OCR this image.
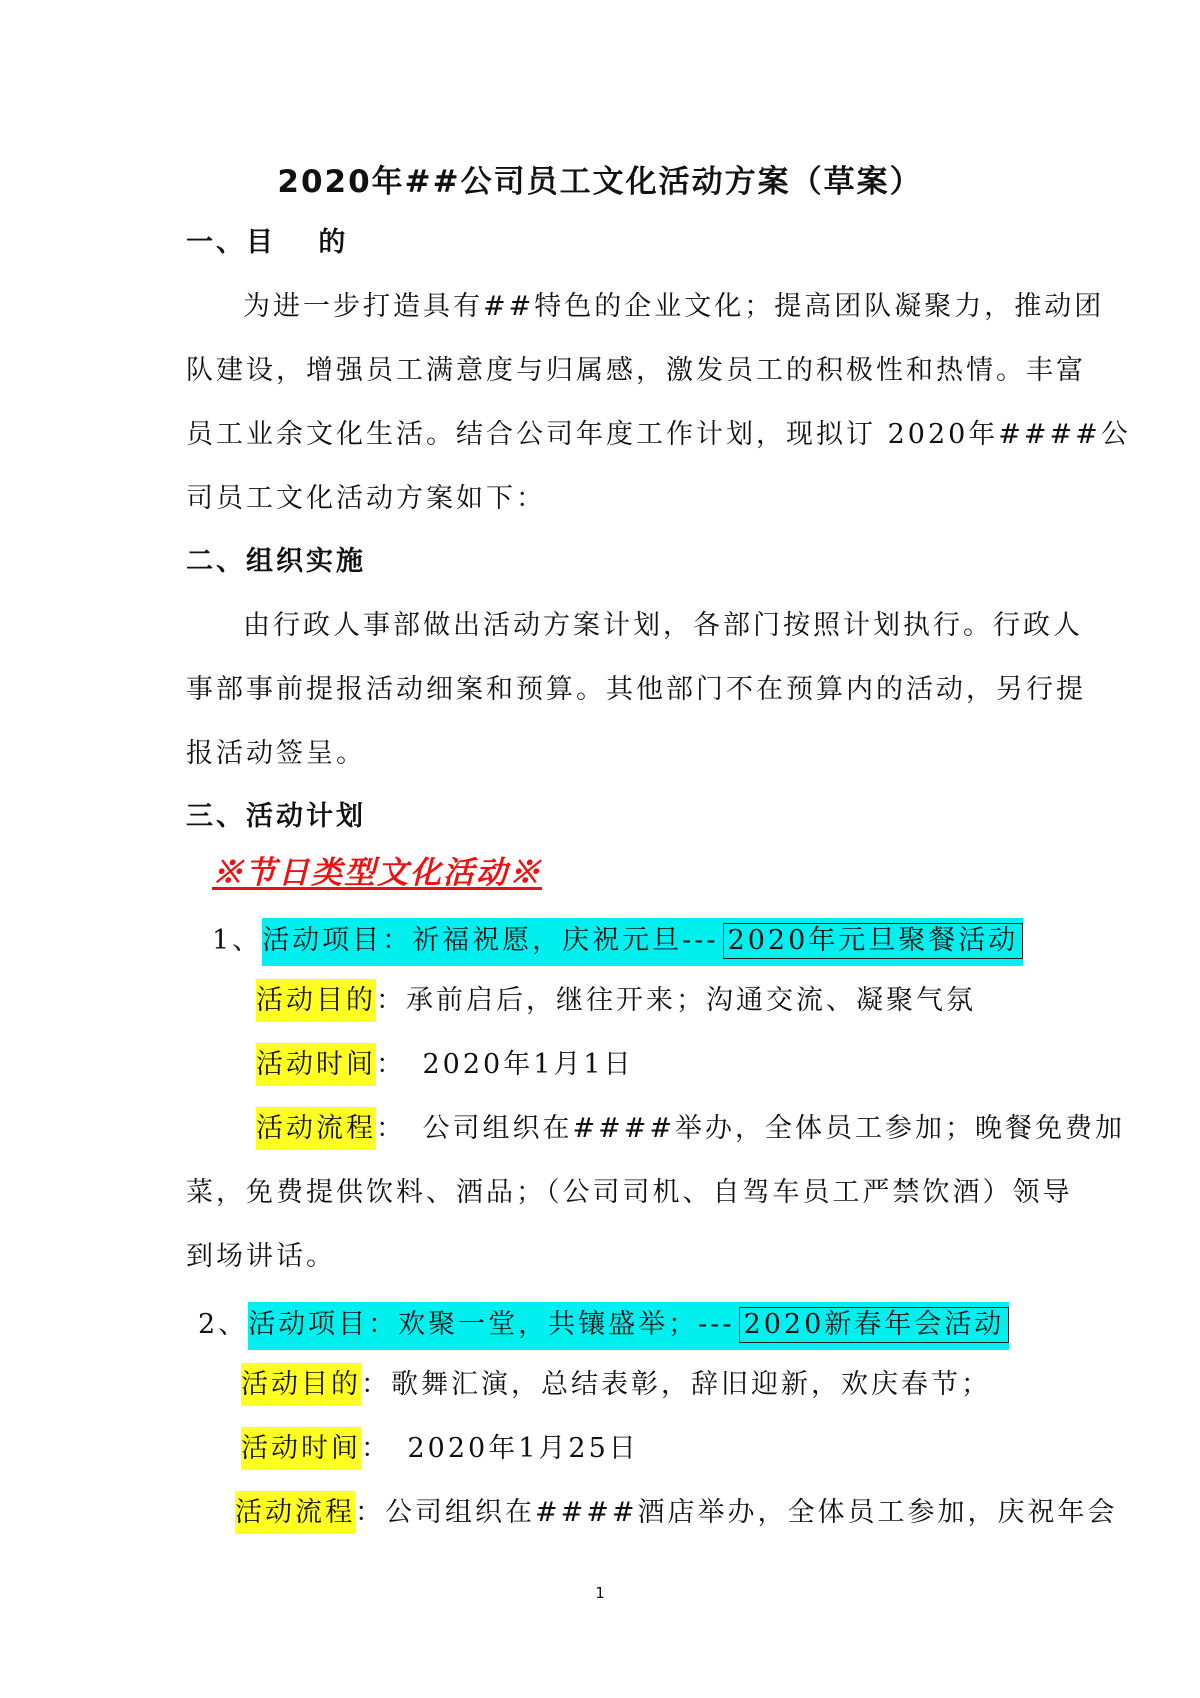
2020年##公司员工文化活动方案（草案）
一、目　 的
为进一步打造具有##特色的企业文化；提高团队凝聚力，推动团
队建设，增强员工满意度与归属感，激发员工的积极性和热情。丰富
员工业余文化生活。结合公司年度工作计划，现拟订 2020年####公
司员工文化活动方案如下：
二、组织实施
由行政人事部做出活动方案计划，各部门按照计划执行。行政人
事部事前提报活动细案和预算。其他部门不在预算内的活动，另行提
报活动签呈。
三、活动计划
※节日类型文化活动※
1、活动项目：祈福祝愿，庆祝元旦--- 2020年元旦聚餐活动
活动目的：承前启后，继往开来；沟通交流、凝聚气氛
活动时间：　2020年1月1日
活动流程：　公司组织在####举办，全体员工参加；晚餐免费加
菜，免费提供饮料、酒品；（公司司机、自驾车员工严禁饮酒）领导
到场讲话。
2、活动项目：欢聚一堂，共镶盛举；--- 2020新春年会活动
活动目的：歌舞汇演，总结表彰，辞旧迎新，欢庆春节；
活动时间：　2020年1月25日
活动流程：公司组织在####酒店举办，全体员工参加，庆祝年会
1
